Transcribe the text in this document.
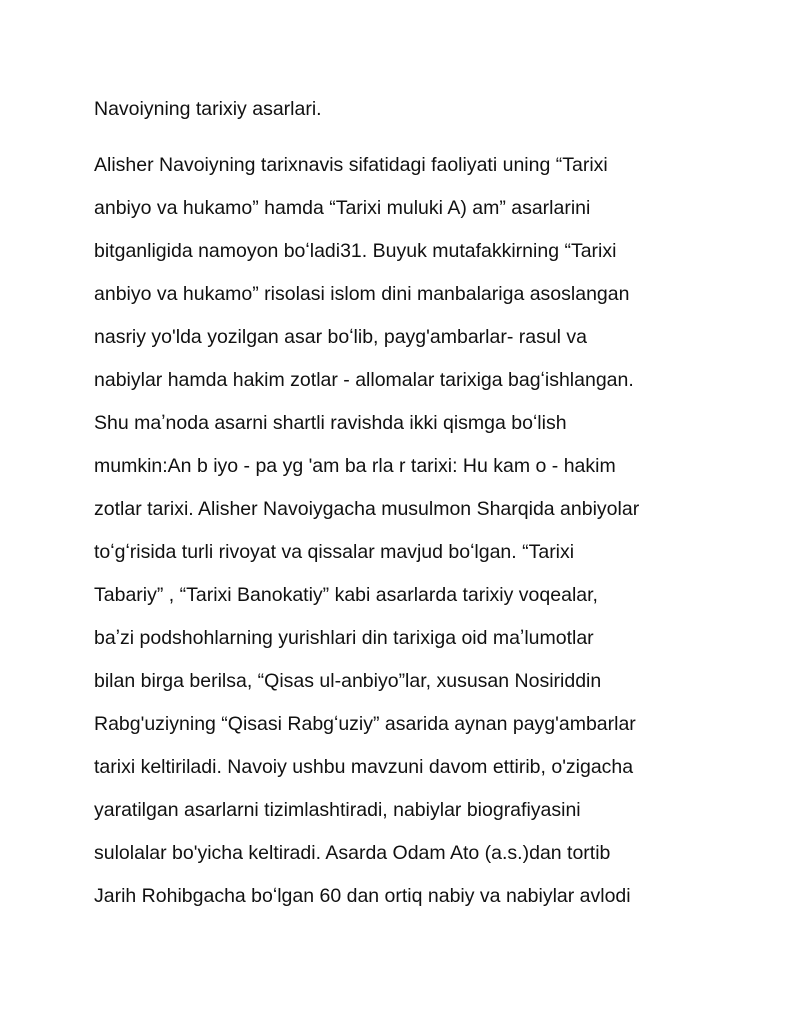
Navoiyning tarixiy asarlari.
Alisher Navoiyning tarixnavis sifatidagi faoliyati uning “Tarixi
anbiyo va hukamo” hamda “Tarixi muluki A) am” asarlarini
bitganligida namoyon boʻladi31. Buyuk mutafakkirning “Tarixi
anbiyo va hukamo” risolasi islom dini manbalariga asoslangan
nasriy yo'lda yozilgan asar boʻlib, payg'ambarlar- rasul va
nabiylar hamda hakim zotlar - allomalar tarixiga bagʻishlangan.
Shu maʼnoda asarni shartli ravishda ikki qismga boʻlish
mumkin:An b iyo - pa yg 'am ba rla r tarixi: Hu kam o - hakim
zotlar tarixi. Alisher Navoiygacha musulmon Sharqida anbiyolar
toʻgʻrisida turli rivoyat va qissalar mavjud boʻlgan. “Tarixi
Tabariy” , “Tarixi Banokatiy” kabi asarlarda tarixiy voqealar,
baʼzi podshohlarning yurishlari din tarixiga oid maʼlumotlar
bilan birga berilsa, “Qisas ul-anbiyo”lar, xususan Nosiriddin
Rabg'uziyning “Qisasi Rabgʻuziy” asarida aynan payg'ambarlar
tarixi keltiriladi. Navoiy ushbu mavzuni davom ettirib, o'zigacha
yaratilgan asarlarni tizimlashtiradi, nabiylar biografiyasini
sulolalar bo'yicha keltiradi. Asarda Odam Ato (a.s.)dan tortib
Jarih Rohibgacha boʻlgan 60 dan ortiq nabiy va nabiylar avlodi
